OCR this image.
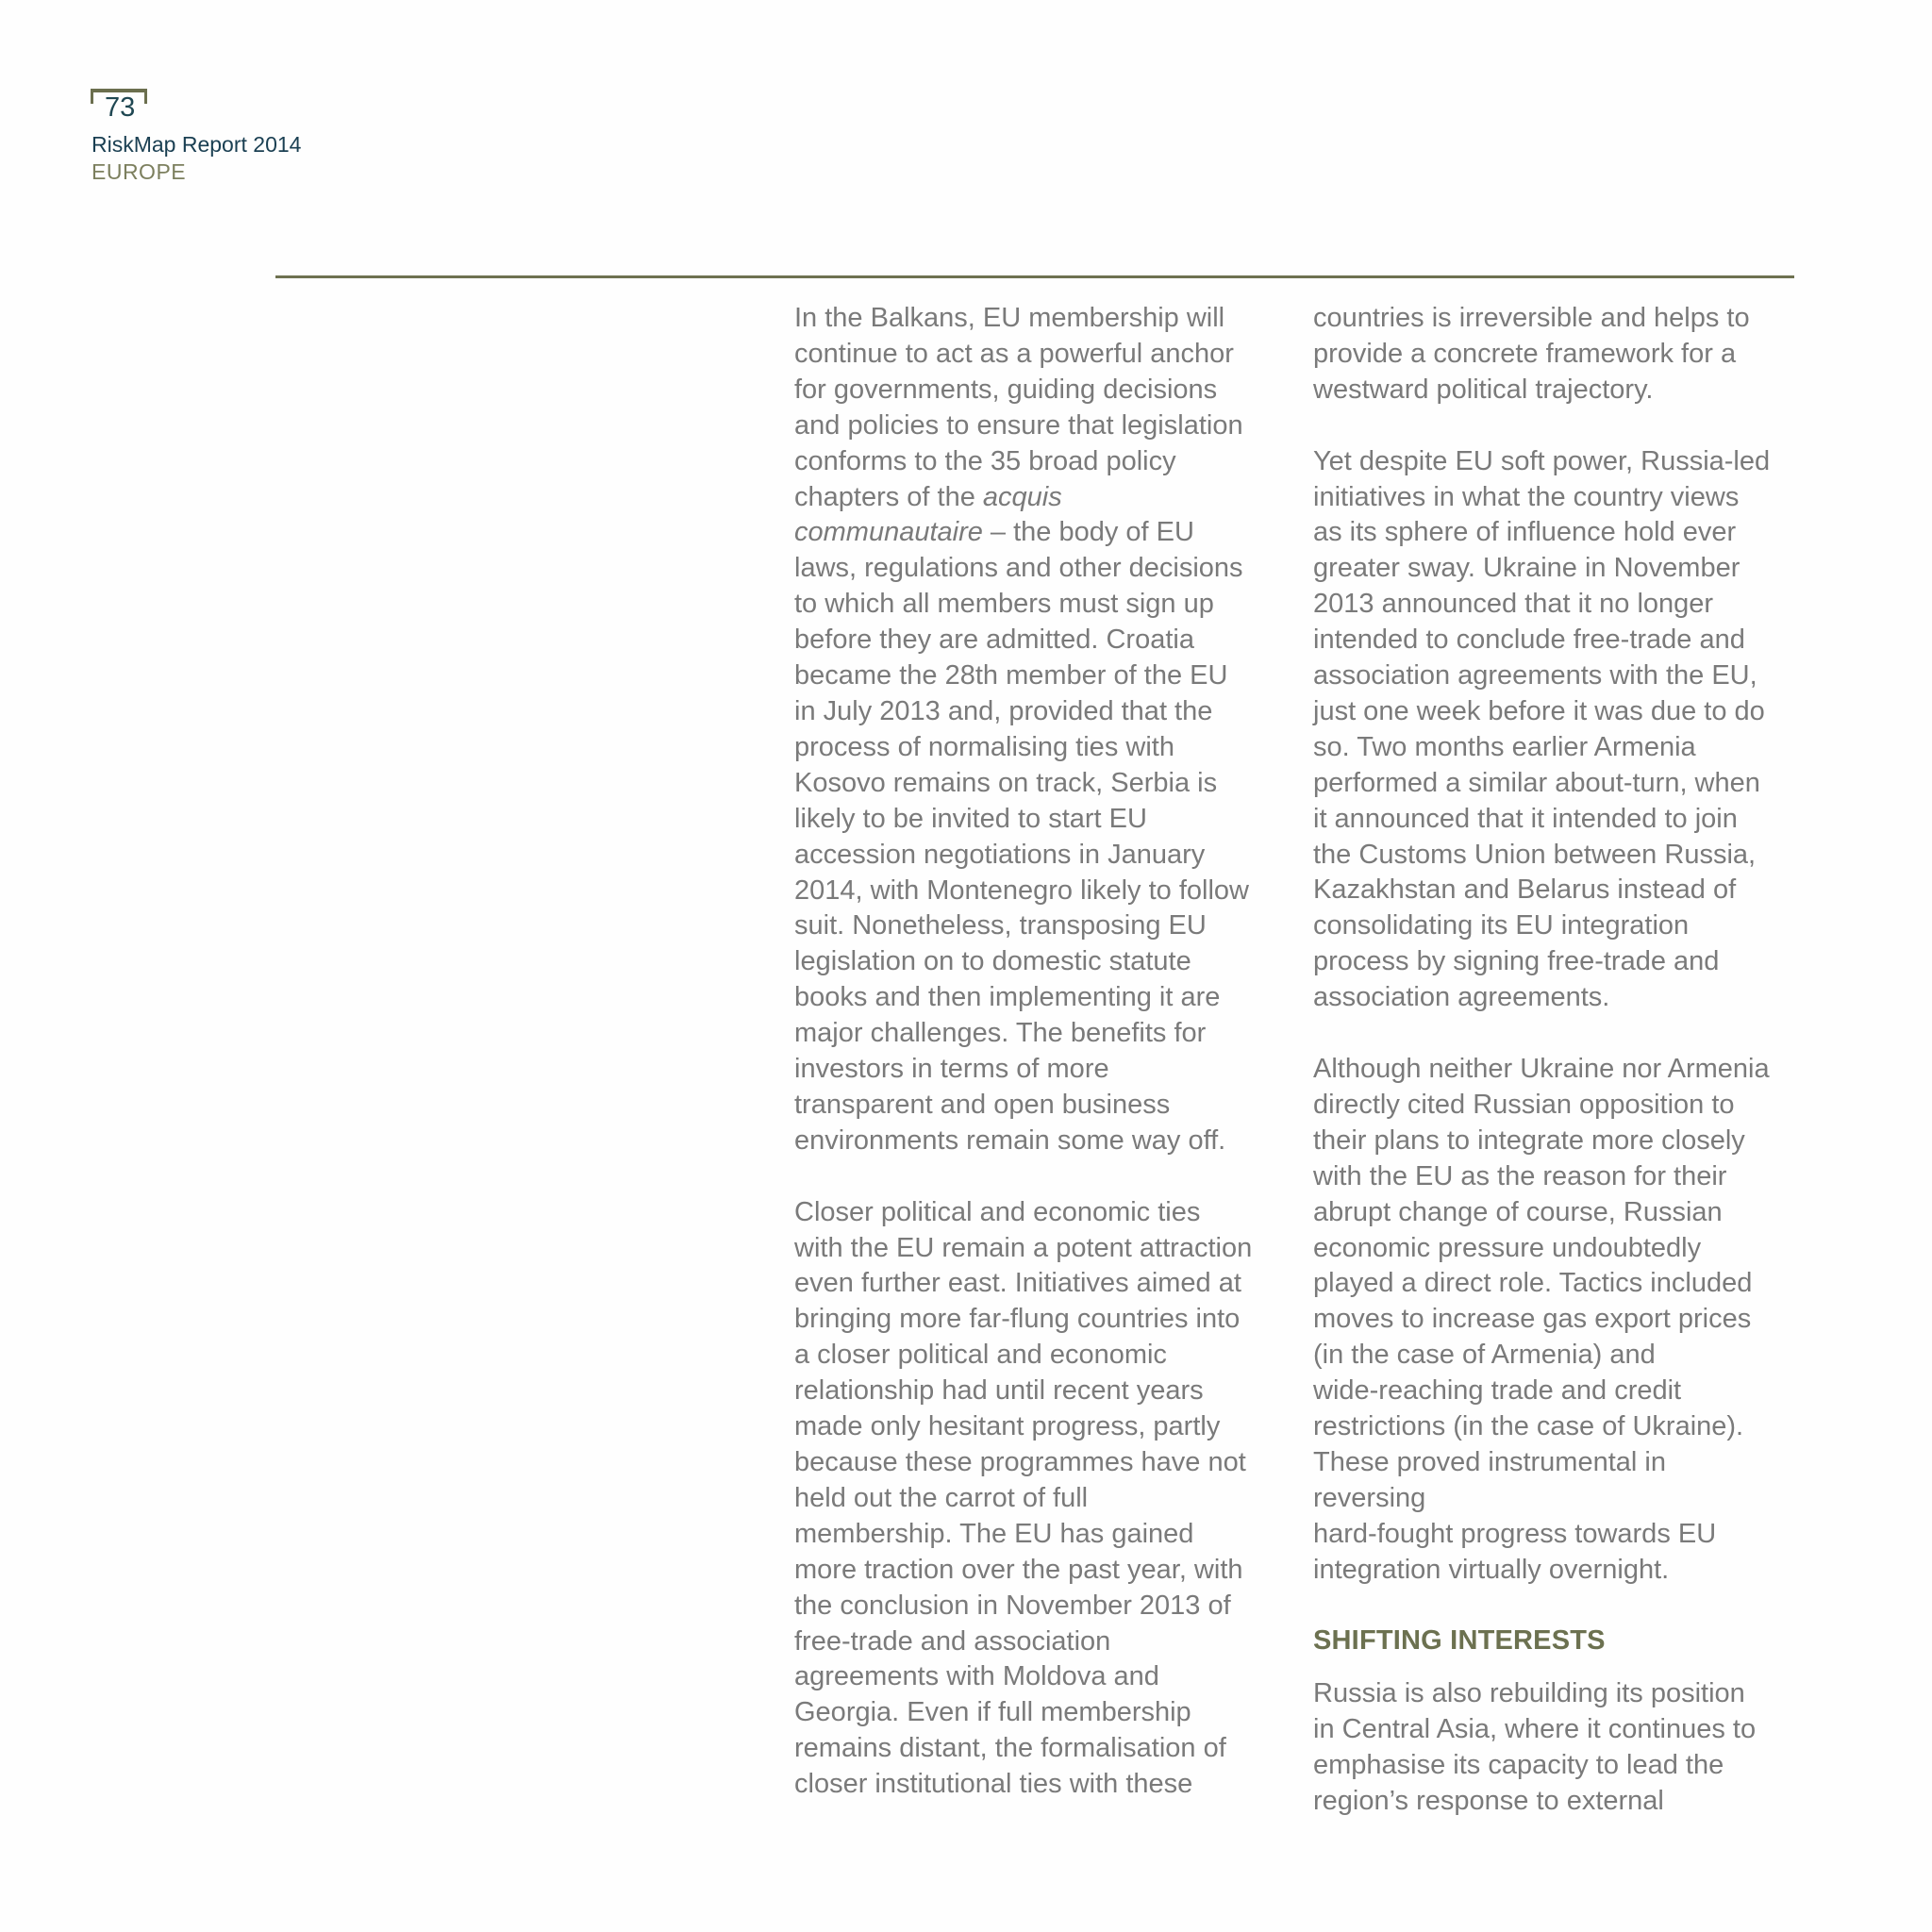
73
RiskMap Report 2014
EUROPE

In the Balkans, EU membership will
continue to act as a powerful anchor
for governments, guiding decisions
and policies to ensure that legislation
conforms to the 35 broad policy
chapters of the acquis
communautaire – the body of EU
laws, regulations and other decisions
to which all members must sign up
before they are admitted. Croatia
became the 28th member of the EU
in July 2013 and, provided that the
process of normalising ties with
Kosovo remains on track, Serbia is
likely to be invited to start EU
accession negotiations in January
2014, with Montenegro likely to follow
suit. Nonetheless, transposing EU
legislation on to domestic statute
books and then implementing it are
major challenges. The benefits for
investors in terms of more
transparent and open business
environments remain some way off.

Closer political and economic ties
with the EU remain a potent attraction
even further east. Initiatives aimed at
bringing more far-flung countries into
a closer political and economic
relationship had until recent years
made only hesitant progress, partly
because these programmes have not
held out the carrot of full
membership. The EU has gained
more traction over the past year, with
the conclusion in November 2013 of
free-trade and association
agreements with Moldova and
Georgia. Even if full membership
remains distant, the formalisation of
closer institutional ties with these

countries is irreversible and helps to
provide a concrete framework for a
westward political trajectory.

Yet despite EU soft power, Russia-led
initiatives in what the country views
as its sphere of influence hold ever
greater sway. Ukraine in November
2013 announced that it no longer
intended to conclude free-trade and
association agreements with the EU,
just one week before it was due to do
so. Two months earlier Armenia
performed a similar about-turn, when
it announced that it intended to join
the Customs Union between Russia,
Kazakhstan and Belarus instead of
consolidating its EU integration
process by signing free-trade and
association agreements.

Although neither Ukraine nor Armenia
directly cited Russian opposition to
their plans to integrate more closely
with the EU as the reason for their
abrupt change of course, Russian
economic pressure undoubtedly
played a direct role. Tactics included
moves to increase gas export prices
(in the case of Armenia) and
wide-reaching trade and credit
restrictions (in the case of Ukraine).
These proved instrumental in reversing
hard-fought progress towards EU
integration virtually overnight.

SHIFTING INTERESTS

Russia is also rebuilding its position
in Central Asia, where it continues to
emphasise its capacity to lead the
region’s response to external
